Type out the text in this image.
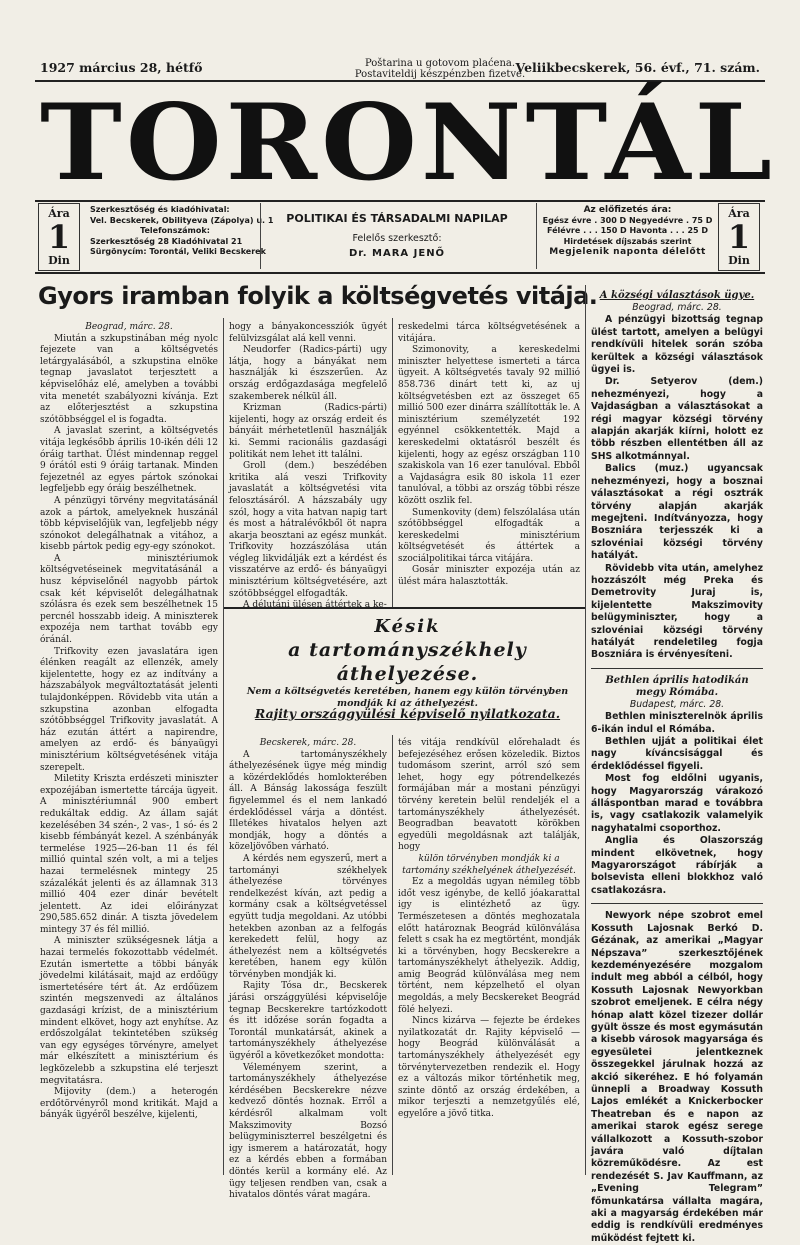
1927 március 28, hétfő	Poštarina u gotovom plaćena.
Postaviteldij készpénzben fizetve.
Veliikbecskerek, 56. évf., 71. szám.
TORONTÁL
Ára
1
Din
Ára
1
Din
Szerkesztőség és kiadóhivatal:
Vel. Becskerek, Obilityeva (Zápolya) u. 1
Telefonszámok:
Szerkesztőség 28 Kiadóhivatal 21
Sürgönycím: Torontál, Veliki Becskerek
POLITIKAI ÉS TÁRSADALMI NAPILAP
Felelős szerkesztő:
Dr. MARA JENŐ
Az előfizetés ára:
Egész évre . 300 D Negyedévre . 75 D
Félévre . . . 150 D Havonta . . . 25 D
Hirdetések díjszabás szerint
Megjelenik naponta délelőtt
Gyors iramban folyik a költségvetés vitája.

Beograd, márc. 28.

Miután a szkupstinában még nyolc fejezete van a költségvetés letárgyalásából, a szkupstina elnöke tegnap javaslatot terjesztett a képviselőház elé, amelyben a további vita menetét szabályozni kívánja. Ezt az előterjesztést a szkupstina szótöbbséggel el is fogadta.

A javaslat szerint, a költségvetés vitája legkésőbb április 10-ikén déli 12 óráig tarthat. Ülést mindennap reggel 9 órától esti 9 óráig tartanak. Minden fejezetnél az egyes pártok szónokai legfeljebb egy óráig beszélhetnek.

A pénzügyi törvény megvitatásánál azok a pártok, amelyeknek huszánál több képviselőjük van, legfeljebb négy szónokot delegálhatnak a vitához, a kisebb pártok pedig egy-egy szónokot.

A minisztériumok költségvetéseinek megvitatásánál a husz képviselőnél nagyobb pártok csak két képviselőt delegálhatnak szólásra és ezek sem beszélhetnek 15 percnél hosszabb ideig. A miniszterek expozéja nem tarthat tovább egy óránál.

Trifkovity ezen javaslatára igen élénken reagált az ellenzék, amely kijelentette, hogy ez az indítvány a házszabályok megváltoztatását jelenti tulajdonképpen. Rövidebb vita után a szkupstina azonban elfogadta szótöbbséggel Trifkovity javaslatát. A ház ezután áttért a napirendre, amelyen az erdő- és bányaügyi minisztérium költségvetésének vitája szerepelt.

Miletity Kriszta erdészeti miniszter expozéjában ismertette tárcája ügyeit. A minisztériumnál 900 embert redukáltak eddig. Az állam saját kezelésében 34 szén-, 2 vas-, 1 só- és 2 kisebb fémbányát kezel. A szénbányák termelése 1925—26-ban 11 és fél millió quintal szén volt, a mi a teljes hazai termelésnek mintegy 25 százalékát jelenti és az államnak 313 millió 404 ezer dinár bevételt jelentett. Az idei előirányzat 290,585.652 dinár. A tiszta jövedelem mintegy 37 és fél millió.

A miniszter szükségesnek látja a hazai termelés fokozottabb védelmét. Ezután ismertette a többi bányák jövedelmi kilátásait, majd az erdőügy ismertetésére tért át. Az erdőüzem szintén megszenvedi az általános gazdasági krízist, de a minisztérium mindent elkövet, hogy azt enyhítse. Az erdőszolgálat tekintetében szükség van egy egységes törvényre, amelyet már elkészített a minisztérium és legközelebb a szkupstina elé terjeszt megvitatásra.

Mijovity (dem.) a heterogén erdőtörvényről mond kritikát. Majd a bányák ügyéről beszélve, kijelenti,

hogy a bányakoncessziók ügyét felülvizsgálat alá kell venni.

Neudorfer (Radics-párti) ugy látja, hogy a bányákat nem használják ki észszerűen. Az ország erdőgazdasága megfelelő szakemberek nélkül áll.

Krizman (Radics-párti) kijelenti, hogy az ország erdeit és bányáit mérhetetlenül használják ki. Semmi racionális gazdasági politikát nem lehet itt találni.

Groll (dem.) beszédében kritika alá veszi Trifkovity javaslatát a költségvetési vita felosztásáról. A házszabály ugy szól, hogy a vita hatvan napig tart és most a hátralévőkből öt napra akarja beosztani az egész munkát. Trifkovity hozzászólása után végleg likvidálják ezt a kérdést és visszatérve az erdő- és bányaügyi minisztérium költségvetésére, azt szótöbbséggel elfogadták.

A délutáni ülésen áttértek a ke-

reskedelmi tárca költségvetésének a vitájára.

Szimonovity, a kereskedelmi miniszter helyettese ismerteti a tárca ügyeit. A költségvetés tavaly 92 millió 858.736 dinárt tett ki, az uj költségvetésben ezt az összeget 65 millió 500 ezer dinárra szállították le. A minisztérium személyzetét 192 egyénnel csökkentették. Majd a kereskedelmi oktatásról beszélt és kijelenti, hogy az egész országban 110 szakiskola van 16 ezer tanulóval. Ebből a Vajdaságra esik 80 iskola 11 ezer tanulóval, a többi az ország többi része között oszlik fel.

Sumenkovity (dem) felszólalása után szótöbbséggel elfogadták a kereskedelmi minisztérium költségvetését és áttértek a szociálpolitikai tárca vitájára.

Gosár miniszter expozéja után az ülést mára halasztották.

Késik
a tartományszékhely áthelyezése.
Nem a költségvetés keretében, hanem egy külön törvényben mondják ki az áthelyezést.
Rajity országgyülési képviselő nyilatkozata.

Becskerek, márc. 28.

A tartományszékhely áthelyezésének ügye még mindig a közérdeklődés homlokterében áll. A Bánság lakossága feszült figyelemmel és el nem lankadó érdeklődéssel várja a döntést. Illetékes hivatalos helyen azt mondják, hogy a döntés a közeljövőben várható.

A kérdés nem egyszerű, mert a tartományi székhelyek áthelyezése törvényes rendelkezést kíván, azt pedig a kormány csak a költségvetéssel együtt tudja megoldani. Az utóbbi hetekben azonban az a felfogás kerekedett felül, hogy az áthelyezést nem a költségvetés keretében, hanem egy külön törvényben mondják ki.

Rajity Tósa dr., Becskerek járási országgyülési képviselője tegnap Becskerekre tartózkodott és itt időzése során fogadta a Torontál munkatársát, akinek a tartományszékhely áthelyezése ügyéről a következőket mondotta:

Véleményem szerint, a tartományszékhely áthelyezése kérdésében Becskerekre nézve kedvező döntés hoznak. Erről a kérdésről alkalmam volt Makszimovity Bozsó belügyminiszterrel beszélgetni és igy ismerem a határozatát, hogy ez a kérdés ebben a formában döntés kerül a kormány elé. Az ügy teljesen rendben van, csak a hivatalos döntés várat magára.

tés vitája rendkívül előrehaladt és befejezéséhez erősen közeledik. Biztos tudomásom szerint, arról szó sem lehet, hogy egy pótrendelkezés formájában már a mostani pénzügyi törvény keretein belül rendeljék el a tartományszékhely áthelyezését. Beogradban beavatott körökben egyedüli megoldásnak azt találják, hogy

külön törvényben mondják ki a tartomány székhelyének áthelyezését.

Ez a megoldás ugyan némileg több időt vesz igénybe, de kellő jóakarattal igy is elintézhető az ügy. Természetesen a döntés meghozatala előtt határoznak Beográd különválása felett s csak ha ez megtörtént, mondják ki a törvényben, hogy Becskerekre a tartományszékhelyt áthelyezik. Addig, amig Beográd különválása meg nem történt, nem képzelhető el olyan megoldás, a mely Becskereket Beográd fölé helyezi.

Nincs kizárva — fejezte be érdekes nyilatkozatát dr. Rajity képviselő — hogy Beográd különválását a tartományszékhely áthelyezését egy törvénytervezetben rendezik el. Hogy ez a változás mikor történhetik meg, szinte döntő az ország érdekében, a mikor terjeszti a nemzetgyűlés elé, egyelőre a jövő titka.

A községi választások ügye.
Beograd, márc. 28.

A pénzügyi bizottság tegnap ülést tartott, amelyen a belügyi rendkívüli hitelek során szóba kerültek a községi választások ügyei is.

Dr. Setyerov (dem.) nehezményezi, hogy a Vajdaságban a választásokat a régi magyar községi törvény alapján akarják kiírni, holott ez több részben ellentétben áll az SHS alkotmánnyal.

Balics (muz.) ugyancsak nehezményezi, hogy a bosznai választásokat a régi osztrák törvény alapján akarják megejteni. Indítványozza, hogy Boszniára terjesszék ki a szlovéniai községi törvény hatályát.

Rövidebb vita után, amelyhez hozzászólt még Preka és Demetrovity Juraj is, kijelentette Makszimovity belügyminiszter, hogy a szlovéniai községi törvény hatályát rendeletileg fogja Boszniára is érvényesíteni.

Bethlen április hatodikán megy Rómába.
Budapest, márc. 28.

Bethlen miniszterelnök április 6-ikán indul el Rómába.

Bethlen ujját a politikai élet nagy kíváncsisággal és érdeklődéssel figyeli.

Most fog eldőlni ugyanis, hogy Magyarország várakozó álláspontban marad e továbbra is, vagy csatlakozik valamelyik nagyhatalmi csoporthoz.

Anglia és Olaszország mindent elkövetnek, hogy Magyarországot rábírják a bolsevista elleni blokkhoz való csatlakozásra.

Newyork népe szobrot emel Kossuth Lajosnak Berkó D. Gézának, az amerikai „Magyar Népszava” szerkesztőjének kezdeményezésére mozgalom indult meg abból a célból, hogy Kossuth Lajosnak Newyorkban szobrot emeljenek. E célra négy hónap alatt közel tizezer dollár gyült össze és most egymásután a kisebb városok magyarsága és egyesületei jelentkeznek összegekkel járulnak hozzá az akció sikeréhez. E hó folyamán ünnepli a Broadway Kossuth Lajos emlékét a Knickerbocker Theatreban és e napon az amerikai starok egész serege vállalkozott a Kossuth-szobor javára való díjtalan közreműködésre. Az est rendezését S. Jav Kauffmann, az „Evening Telegram” főmunkatársa vállalta magára, aki a magyarság érdekében már eddig is rendkívüli eredményes működést fejtett ki.
